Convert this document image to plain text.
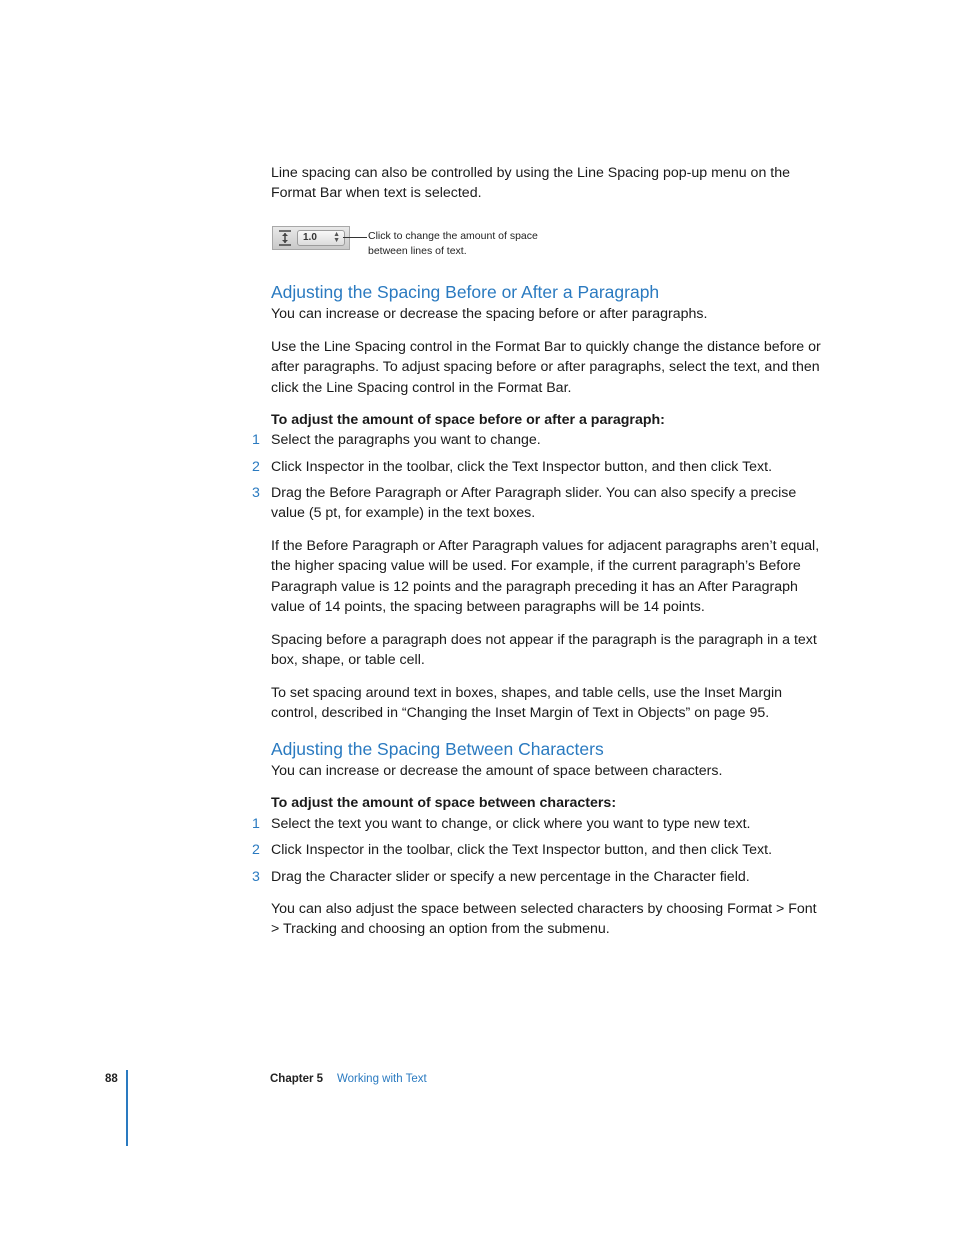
Line spacing can also be controlled by using the Line Spacing pop-up menu on the Format Bar when text is selected.

1.0 ▲
▼	Click to change the amount of space between lines of text.
Adjusting the Spacing Before or After a Paragraph

You can increase or decrease the spacing before or after paragraphs.

Use the Line Spacing control in the Format Bar to quickly change the distance before or after paragraphs. To adjust spacing before or after paragraphs, select the text, and then click the Line Spacing control in the Format Bar.

To adjust the amount of space before or after a paragraph:

1 Select the paragraphs you want to change.
2 Click Inspector in the toolbar, click the Text Inspector button, and then click Text.
3 Drag the Before Paragraph or After Paragraph slider. You can also specify a precise value (5 pt, for example) in the text boxes.

If the Before Paragraph or After Paragraph values for adjacent paragraphs aren’t equal, the higher spacing value will be used. For example, if the current paragraph’s Before Paragraph value is 12 points and the paragraph preceding it has an After Paragraph value of 14 points, the spacing between paragraphs will be 14 points.

Spacing before a paragraph does not appear if the paragraph is the paragraph in a text box, shape, or table cell.

To set spacing around text in boxes, shapes, and table cells, use the Inset Margin control, described in “Changing the Inset Margin of Text in Objects” on page 95.

Adjusting the Spacing Between Characters

You can increase or decrease the amount of space between characters.

To adjust the amount of space between characters:

1 Select the text you want to change, or click where you want to type new text.
2 Click Inspector in the toolbar, click the Text Inspector button, and then click Text.
3 Drag the Character slider or specify a new percentage in the Character field.

You can also adjust the space between selected characters by choosing Format > Font > Tracking and choosing an option from the submenu.

88	Chapter 5 Working with Text
